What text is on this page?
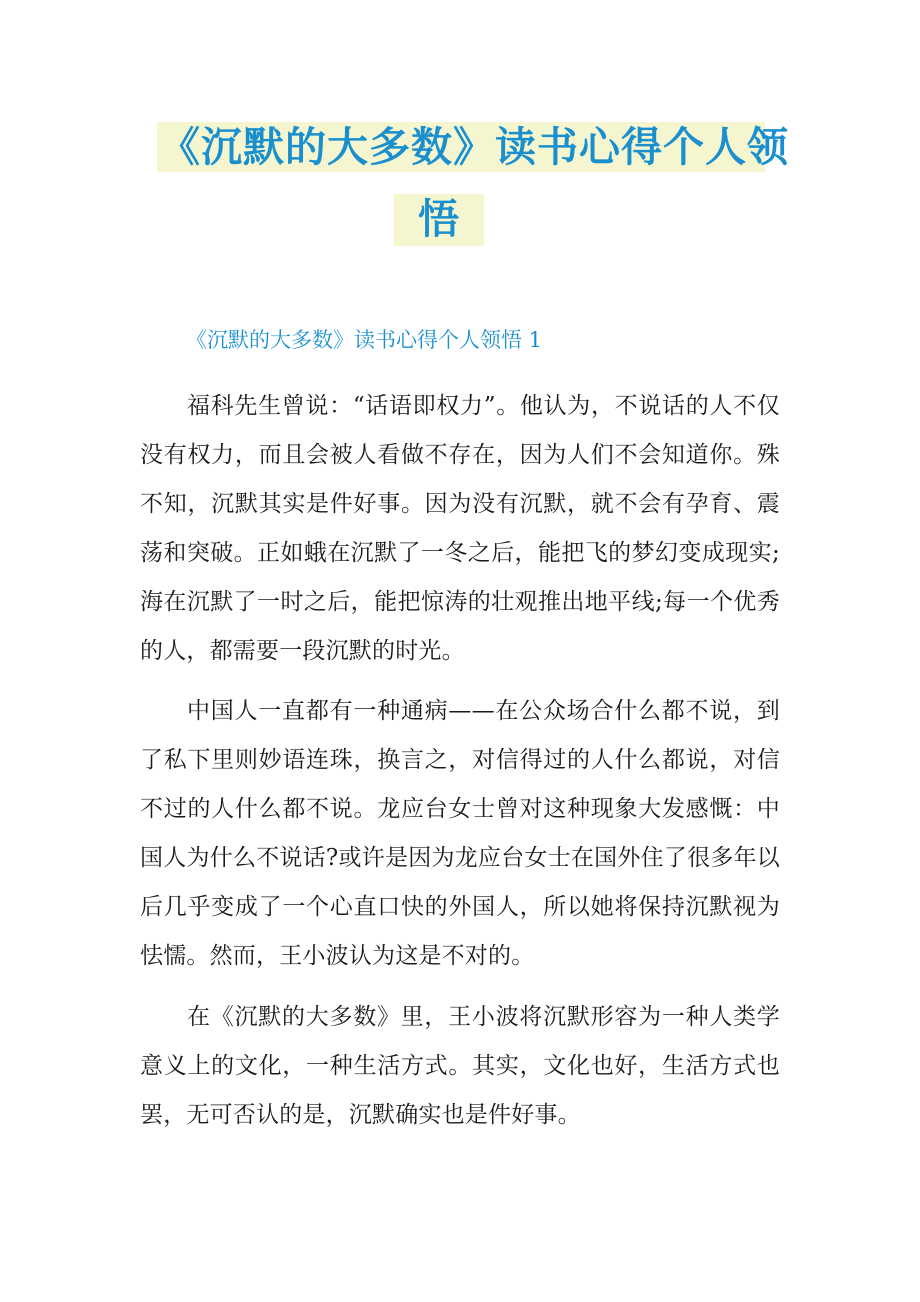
《沉默的大多数》读书心得个人领
悟
《沉默的大多数》读书心得个人领悟 1

福科先生曾说：“话语即权力”。他认为，不说话的人不仅没有权力，而且会被人看做不存在，因为人们不会知道你。殊不知，沉默其实是件好事。因为没有沉默，就不会有孕育、震荡和突破。正如蛾在沉默了一冬之后，能把飞的梦幻变成现实;海在沉默了一时之后，能把惊涛的壮观推出地平线;每一个优秀的人，都需要一段沉默的时光。

中国人一直都有一种通病——在公众场合什么都不说，到了私下里则妙语连珠，换言之，对信得过的人什么都说，对信不过的人什么都不说。龙应台女士曾对这种现象大发感慨：中国人为什么不说话?或许是因为龙应台女士在国外住了很多年以后几乎变成了一个心直口快的外国人，所以她将保持沉默视为怯懦。然而，王小波认为这是不对的。

在《沉默的大多数》里，王小波将沉默形容为一种人类学意义上的文化，一种生活方式。其实，文化也好，生活方式也罢，无可否认的是，沉默确实也是件好事。
